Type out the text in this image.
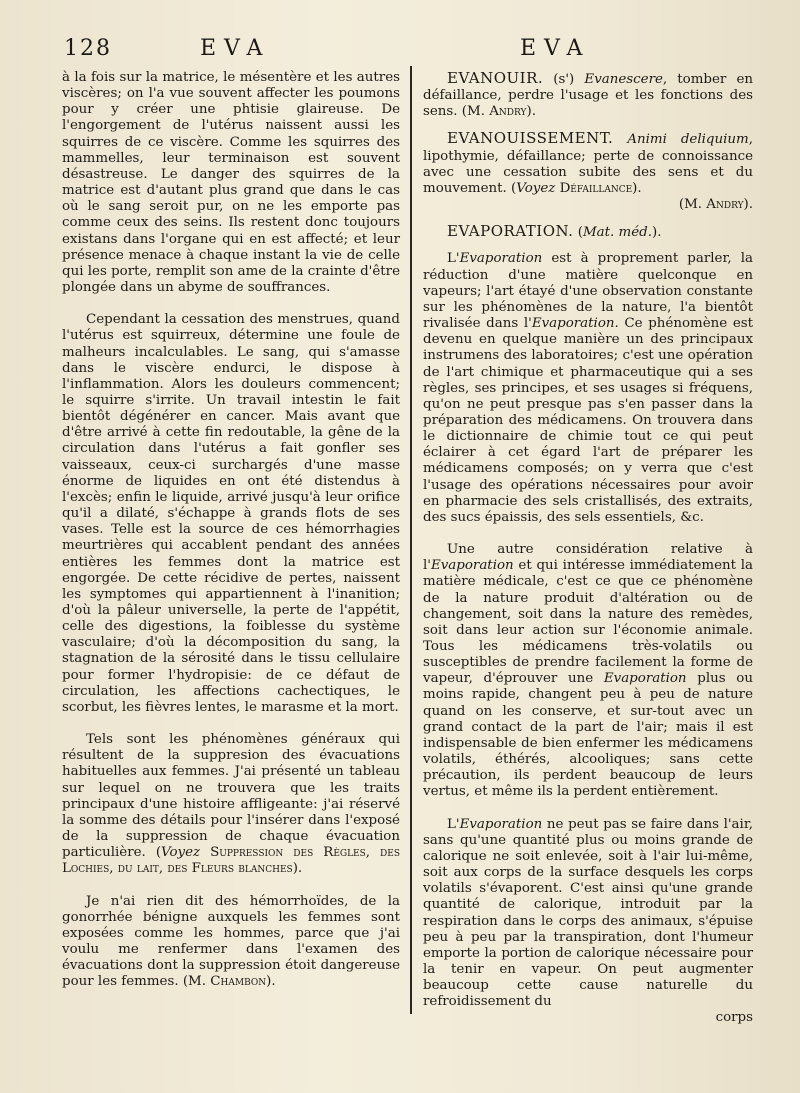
128	EVA	EVA

à la fois sur la matrice, le mésentère et les autres viscères; on l'a vue souvent affecter les poumons pour y créer une phtisie glaireuse. De l'engorgement de l'utérus naissent aussi les squirres de ce viscère. Comme les squirres des mammelles, leur terminaison est souvent désastreuse. Le danger des squirres de la matrice est d'autant plus grand que dans le cas où le sang seroit pur, on ne les emporte pas comme ceux des seins. Ils restent donc toujours existans dans l'organe qui en est affecté; et leur présence menace à chaque instant la vie de celle qui les porte, remplit son ame de la crainte d'être plongée dans un abyme de souffrances.

Cependant la cessation des menstrues, quand l'utérus est squirreux, détermine une foule de malheurs incalculables. Le sang, qui s'amasse dans le viscère endurci, le dispose à l'inflammation. Alors les douleurs commencent; le squirre s'irrite. Un travail intestin le fait bientôt dégénérer en cancer. Mais avant que d'être arrivé à cette fin redoutable, la gêne de la circulation dans l'utérus a fait gonfler ses vaisseaux, ceux-ci surchargés d'une masse énorme de liquides en ont été distendus à l'excès; enfin le liquide, arrivé jusqu'à leur orifice qu'il a dilaté, s'échappe à grands flots de ses vases. Telle est la source de ces hémorrhagies meurtrières qui accablent pendant des années entières les femmes dont la matrice est engorgée. De cette récidive de pertes, naissent les symptomes qui appartiennent à l'inanition; d'où la pâleur universelle, la perte de l'appétit, celle des digestions, la foiblesse du système vasculaire; d'où la décomposition du sang, la stagnation de la sérosité dans le tissu cellulaire pour former l'hydropisie: de ce défaut de circulation, les affections cachectiques, le scorbut, les fièvres lentes, le marasme et la mort.

Tels sont les phénomènes généraux qui résultent de la suppresion des évacuations habituelles aux femmes. J'ai présenté un tableau sur lequel on ne trouvera que les traits principaux d'une histoire affligeante: j'ai réservé la somme des détails pour l'insérer dans l'exposé de la suppression de chaque évacuation particulière. (Voyez Suppression des Règles, des Lochies, du lait, des Fleurs blanches).

Je n'ai rien dit des hémorrhoïdes, de la gonorrhée bénigne auxquels les femmes sont exposées comme les hommes, parce que j'ai voulu me renfermer dans l'examen des évacuations dont la suppression étoit dangereuse pour les femmes. (M. Chambon).

EVANOUIR. (s') Evanescere, tomber en défaillance, perdre l'usage et les fonctions des sens. (M. Andry).

EVANOUISSEMENT. Animi deliquium, lipothymie, défaillance; perte de connoissance avec une cessation subite des sens et du mouvement. (Voyez Défaillance).

(M. Andry).

EVAPORATION. (Mat. méd.).

L'Evaporation est à proprement parler, la réduction d'une matière quelconque en vapeurs; l'art étayé d'une observation constante sur les phénomènes de la nature, l'a bientôt rivalisée dans l'Evaporation. Ce phénomène est devenu en quelque manière un des principaux instrumens des laboratoires; c'est une opération de l'art chimique et pharmaceutique qui a ses règles, ses principes, et ses usages si fréquens, qu'on ne peut presque pas s'en passer dans la préparation des médicamens. On trouvera dans le dictionnaire de chimie tout ce qui peut éclairer à cet égard l'art de préparer les médicamens composés; on y verra que c'est l'usage des opérations nécessaires pour avoir en pharmacie des sels cristallisés, des extraits, des sucs épaissis, des sels essentiels, &c.

Une autre considération relative à l'Evaporation et qui intéresse immédiatement la matière médicale, c'est ce que ce phénomène de la nature produit d'altération ou de changement, soit dans la nature des remèdes, soit dans leur action sur l'économie animale. Tous les médicamens très-volatils ou susceptibles de prendre facilement la forme de vapeur, d'éprouver une Evaporation plus ou moins rapide, changent peu à peu de nature quand on les conserve, et sur-tout avec un grand contact de la part de l'air; mais il est indispensable de bien enfermer les médicamens volatils, éthérés, alcooliques; sans cette précaution, ils perdent beaucoup de leurs vertus, et même ils la perdent entièrement.

L'Evaporation ne peut pas se faire dans l'air, sans qu'une quantité plus ou moins grande de calorique ne soit enlevée, soit à l'air lui-même, soit aux corps de la surface desquels les corps volatils s'évaporent. C'est ainsi qu'une grande quantité de calorique, introduit par la respiration dans le corps des animaux, s'épuise peu à peu par la transpiration, dont l'humeur emporte la portion de calorique nécessaire pour la tenir en vapeur. On peut augmenter beaucoup cette cause naturelle du refroidissement du

corps
